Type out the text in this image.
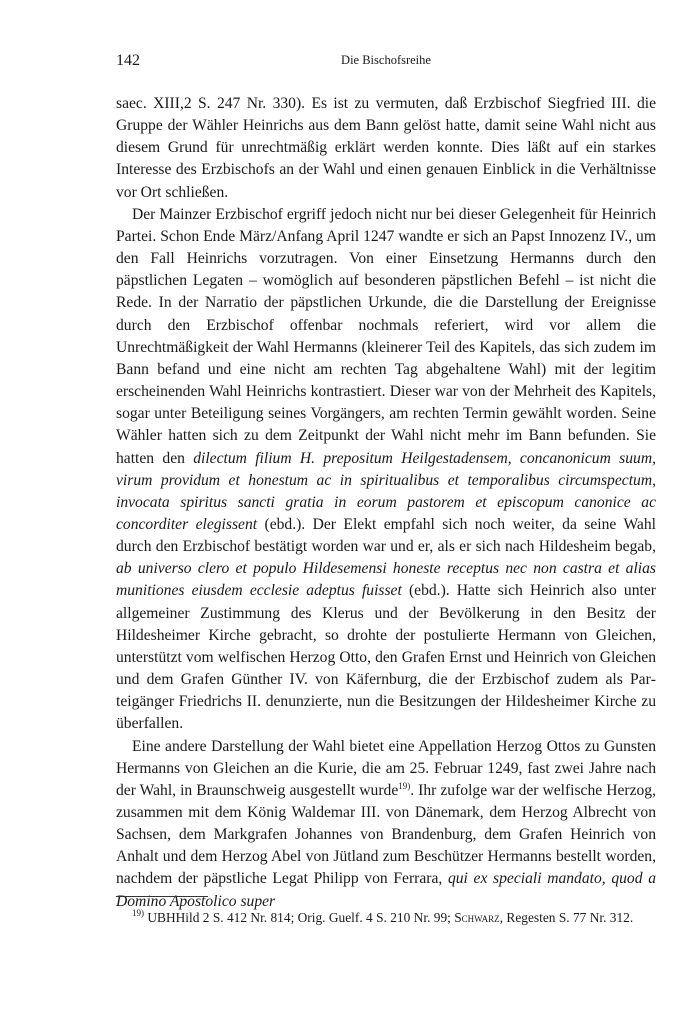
142	Die Bischofsreihe

saec. XIII,2 S. 247 Nr. 330). Es ist zu vermuten, daß Erzbischof Siegfried III. die Gruppe der Wähler Heinrichs aus dem Bann gelöst hatte, damit seine Wahl nicht aus diesem Grund für unrechtmäßig erklärt werden konnte. Dies läßt auf ein starkes Interesse des Erzbischofs an der Wahl und einen genauen Einblick in die Verhältnisse vor Ort schließen.

Der Mainzer Erzbischof ergriff jedoch nicht nur bei dieser Gelegenheit für Heinrich Partei. Schon Ende März/Anfang April 1247 wandte er sich an Papst Innozenz IV., um den Fall Heinrichs vorzutragen. Von einer Einsetzung Hermanns durch den päpstlichen Legaten – womöglich auf besonderen päpstlichen Befehl – ist nicht die Rede. In der Narratio der päpstlichen Urkunde, die die Darstellung der Ereignisse durch den Erzbischof offenbar nochmals referiert, wird vor allem die Unrechtmäßigkeit der Wahl Hermanns (kleinerer Teil des Kapitels, das sich zudem im Bann befand und eine nicht am rechten Tag abgehaltene Wahl) mit der legitim erscheinenden Wahl Heinrichs kontrastiert. Dieser war von der Mehrheit des Kapitels, sogar unter Beteiligung seines Vorgängers, am rechten Termin gewählt worden. Seine Wähler hatten sich zu dem Zeitpunkt der Wahl nicht mehr im Bann befunden. Sie hatten den dilectum filium H. prepositum Heilgestadensem, concanonicum suum, virum providum et honestum ac in spiritualibus et temporalibus circumspectum, invocata spiritus sancti gratia in eorum pastorem et episcopum canonice ac concorditer elegissent (ebd.). Der Elekt empfahl sich noch weiter, da seine Wahl durch den Erzbischof bestätigt worden war und er, als er sich nach Hildesheim begab, ab universo clero et populo Hildesemensi honeste receptus nec non castra et alias munitiones eiusdem ecclesie adeptus fuisset (ebd.). Hatte sich Heinrich also unter allgemeiner Zustimmung des Klerus und der Bevölkerung in den Besitz der Hildesheimer Kirche gebracht, so drohte der postulierte Hermann von Gleichen, unterstützt vom welfischen Herzog Otto, den Grafen Ernst und Heinrich von Gleichen und dem Grafen Günther IV. von Käfernburg, die der Erzbischof zudem als Parteigänger Friedrichs II. denunzierte, nun die Besitzungen der Hildesheimer Kirche zu überfallen.

Eine andere Darstellung der Wahl bietet eine Appellation Herzog Ottos zu Gunsten Hermanns von Gleichen an die Kurie, die am 25. Februar 1249, fast zwei Jahre nach der Wahl, in Braunschweig ausgestellt wurde$^{19)}$. Ihr zufolge war der welfische Herzog, zusammen mit dem König Waldemar III. von Dänemark, dem Herzog Albrecht von Sachsen, dem Markgrafen Johannes von Brandenburg, dem Grafen Heinrich von Anhalt und dem Herzog Abel von Jütland zum Beschützer Hermanns bestellt worden, nachdem der päpstliche Legat Philipp von Ferrara, qui ex speciali mandato, quod a Domino Apostolico super

$^{19)}$ UBHHild 2 S. 412 Nr. 814; Orig. Guelf. 4 S. 210 Nr. 99; Schwarz, Regesten S. 77 Nr. 312.
